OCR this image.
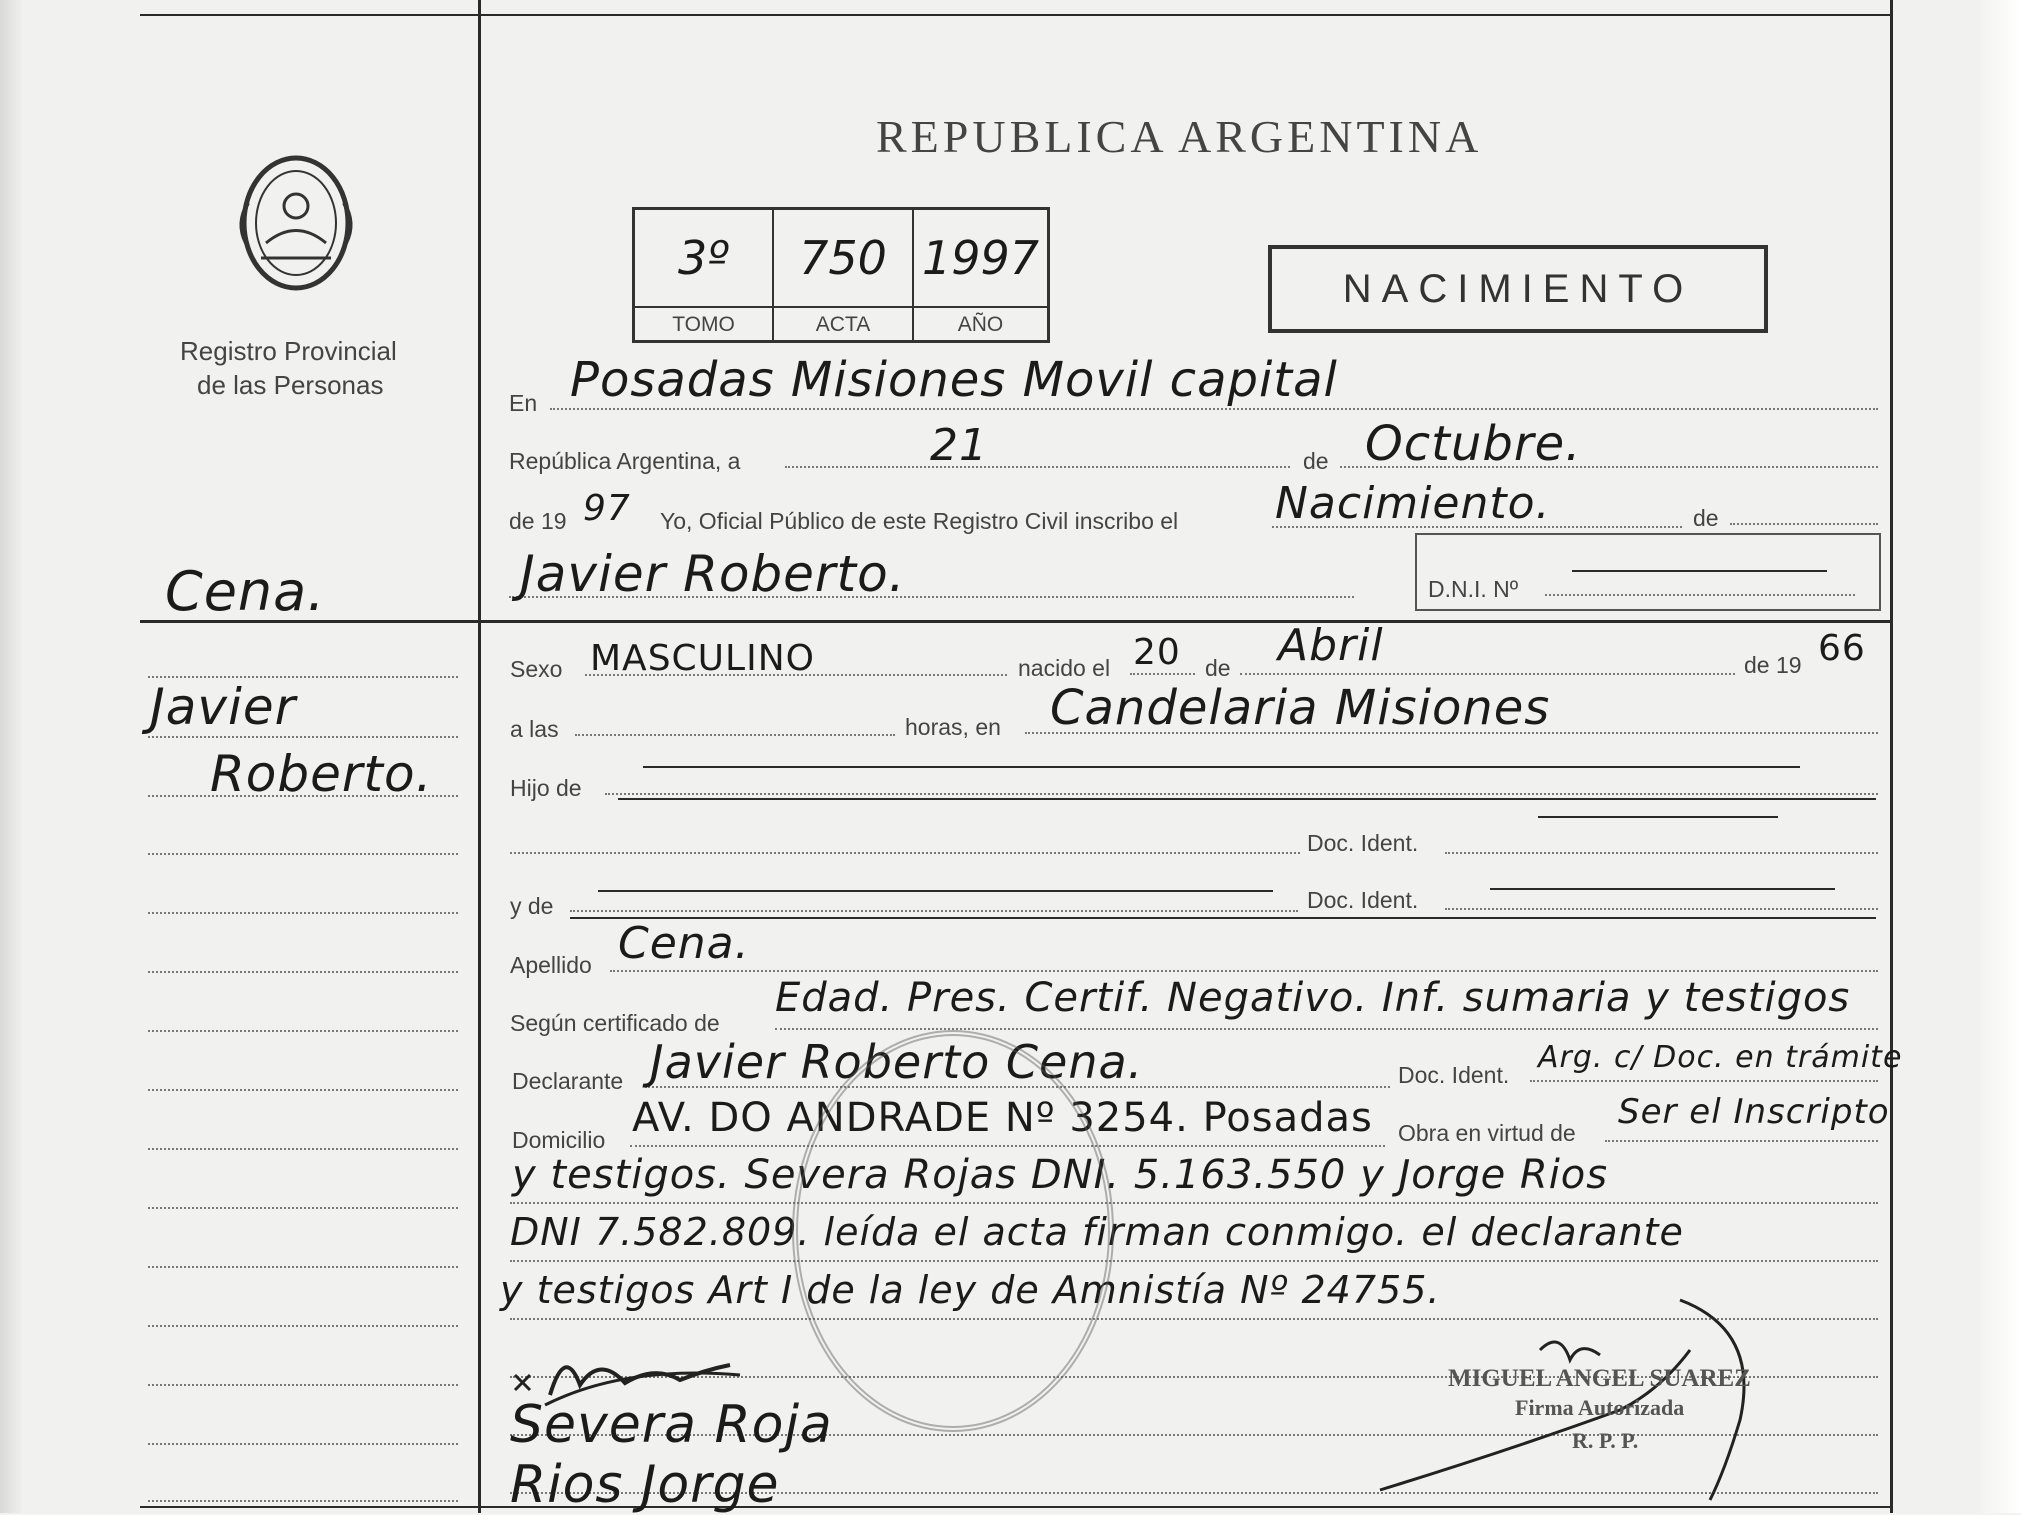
Registro Provincial
de las Personas
REPUBLICA ARGENTINA
3º	750 1997
TOMO	ACTA	AÑO
NACIMIENTO
Cena.
Javier
Roberto.
En Posadas Misiones Movil capital
República Argentina, a	21	de Octubre.
de 19 97 Yo, Oficial Público de este Registro Civil inscribo el Nacimiento.	de
Javier Roberto.	D.N.I. Nº
Sexo MASCULINO	nacido el 20 de Abril	de 19 66
a las	horas, en Candelaria Misiones
Hijo de
Doc. Ident.
y de	Doc. Ident.
Apellido Cena.
Según certificado de
Edad. Pres. Certif. Negativo. Inf. sumaria y testigos
Declarante Javier Roberto Cena.	Doc. Ident. Arg. c/ Doc. en trámite
Domicilio AV. DO ANDRADE Nº 3254. Posadas Obra en virtud de
Ser el Inscripto
y testigos. Severa Rojas DNI. 5.163.550 y Jorge Rios
DNI 7.582.809. leída el acta firman conmigo. el declarante
y testigos Art I de la ley de Amnistía Nº 24755.
Severa Roja
Rios Jorge
MIGUEL ANGEL SUAREZ
Firma Autorizada
R. P. P.
